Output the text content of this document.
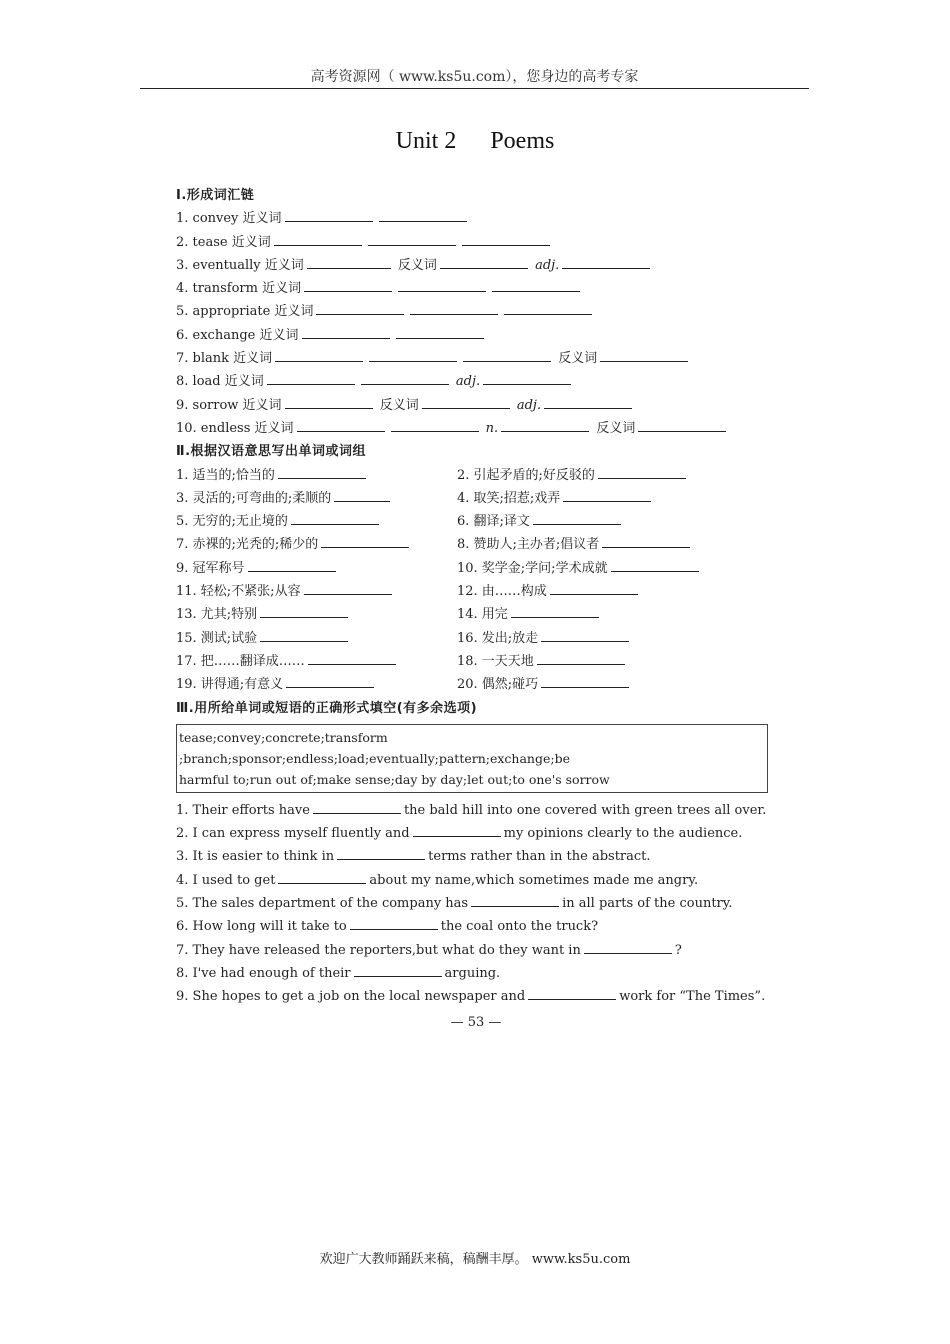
高考资源网（ www.ks5u.com），您身边的高考专家
Unit 2 Poems
Ⅰ.形成词汇链
1. convey 近义词
2. tease 近义词
3. eventually 近义词	反义词	adj.
4. transform 近义词
5. appropriate 近义词
6. exchange 近义词
7. blank 近义词	反义词
8. load 近义词	adj.
9. sorrow 近义词	反义词	adj.
10. endless 近义词	n.	反义词
Ⅱ.根据汉语意思写出单词或词组
1. 适当的;恰当的	2. 引起矛盾的;好反驳的
3. 灵活的;可弯曲的;柔顺的	4. 取笑;招惹;戏弄
5. 无穷的;无止境的	6. 翻译;译文
7. 赤裸的;光秃的;稀少的	8. 赞助人;主办者;倡议者
9. 冠军称号	10. 奖学金;学问;学术成就
11. 轻松;不紧张;从容	12. 由……构成
13. 尤其;特别	14. 用完
15. 测试;试验	16. 发出;放走
17. 把……翻译成……	18. 一天天地
19. 讲得通;有意义	20. 偶然;碰巧
Ⅲ.用所给单词或短语的正确形式填空(有多余选项)
tease;convey;concrete;transform ;branch;sponsor;endless;load;eventually;pattern;exchange;be
harmful to;run out of;make sense;day by day;let out;to one's sorrow
1. Their efforts have	the bald hill into one covered with green trees all over.
2. I can express myself fluently and	my opinions clearly to the audience.
3. It is easier to think in	terms rather than in the abstract.
4. I used to get	about my name,which sometimes made me angry.
5. The sales department of the company has	in all parts of the country.
6. How long will it take to	the coal onto the truck?
7. They have released the reporters,but what do they want in	?
8. I've had enough of their	arguing.
9. She hopes to get a job on the local newspaper and	work for “The Times”.
— 53 —
欢迎广大教师踊跃来稿，稿酬丰厚。 www.ks5u.com
